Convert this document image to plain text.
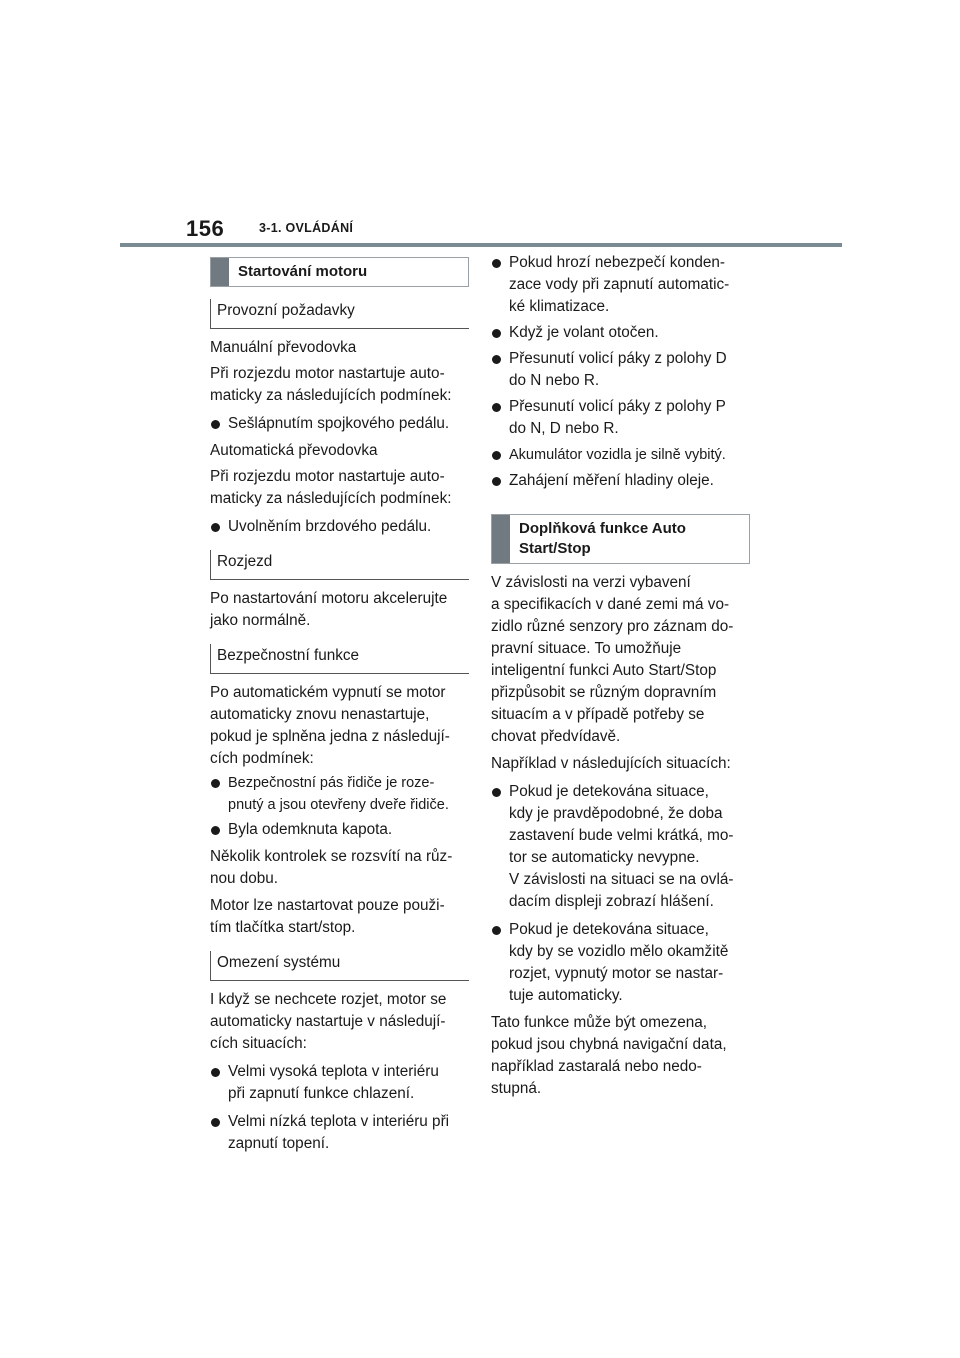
156	3-1. OVLÁDÁNÍ
Startování motoru
Provozní požadavky

Manuální převodovka

Při rozjezdu motor nastartuje auto-
maticky za následujících podmínek:

Sešlápnutím spojkového pedálu.

Automatická převodovka

Při rozjezdu motor nastartuje auto-
maticky za následujících podmínek:

Uvolněním brzdového pedálu.

Rozjezd

Po nastartování motoru akcelerujte
jako normálně.

Bezpečnostní funkce

Po automatickém vypnutí se motor
automaticky znovu nenastartuje,
pokud je splněna jedna z následují-
cích podmínek:

Bezpečnostní pás řidiče je roze-
pnutý a jsou otevřeny dveře řidiče.

Byla odemknuta kapota.

Několik kontrolek se rozsvítí na růz-
nou dobu.

Motor lze nastartovat pouze použi-
tím tlačítka start/stop.

Omezení systému

I když se nechcete rozjet, motor se
automaticky nastartuje v následují-
cích situacích:

Velmi vysoká teplota v interiéru
při zapnutí funkce chlazení.

Velmi nízká teplota v interiéru při
zapnutí topení.

Pokud hrozí nebezpečí konden-
zace vody při zapnutí automatic-
ké klimatizace.

Když je volant otočen.

Přesunutí volicí páky z polohy D
do N nebo R.

Přesunutí volicí páky z polohy P
do N, D nebo R.

Akumulátor vozidla je silně vybitý.

Zahájení měření hladiny oleje.

Doplňková funkce Auto
Start/Stop

V závislosti na verzi vybavení
a specifikacích v dané zemi má vo-
zidlo různé senzory pro záznam do-
pravní situace. To umožňuje
inteligentní funkci Auto Start/Stop
přizpůsobit se různým dopravním
situacím a v případě potřeby se
chovat předvídavě.

Například v následujících situacích:

Pokud je detekována situace,
kdy je pravděpodobné, že doba
zastavení bude velmi krátká, mo-
tor se automaticky nevypne.
V závislosti na situaci se na ovlá-
dacím displeji zobrazí hlášení.

Pokud je detekována situace,
kdy by se vozidlo mělo okamžitě
rozjet, vypnutý motor se nastar-
tuje automaticky.

Tato funkce může být omezena,
pokud jsou chybná navigační data,
například zastaralá nebo nedo-
stupná.
